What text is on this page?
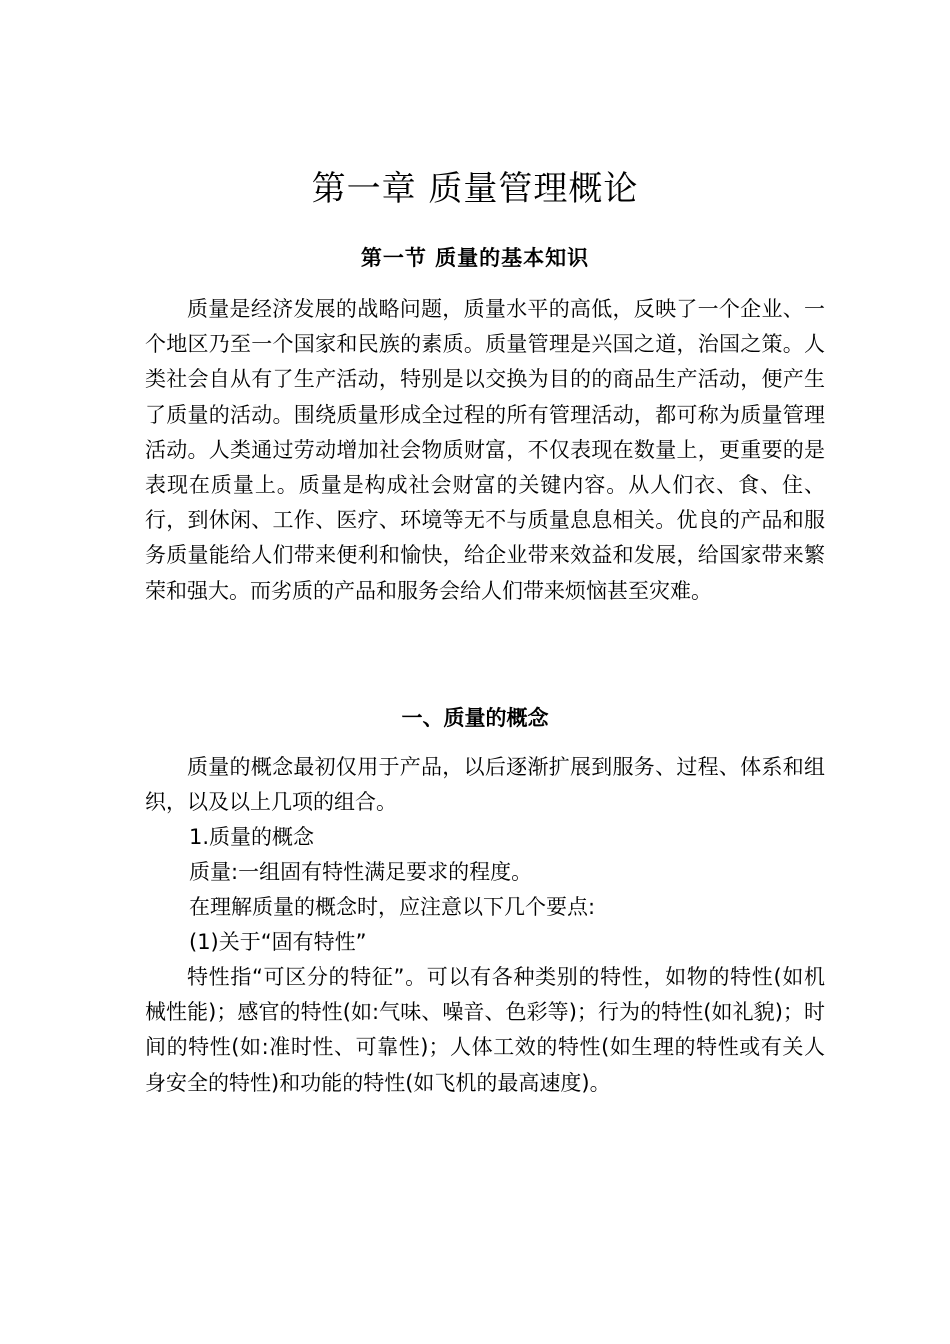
第一章 质量管理概论
第一节 质量的基本知识

质量是经济发展的战略问题，质量水平的高低，反映了一个企业、一个地区乃至一个国家和民族的素质。质量管理是兴国之道，治国之策。人类社会自从有了生产活动，特别是以交换为目的的商品生产活动，便产生了质量的活动。围绕质量形成全过程的所有管理活动，都可称为质量管理活动。人类通过劳动增加社会物质财富，不仅表现在数量上，更重要的是表现在质量上。质量是构成社会财富的关键内容。从人们衣、食、住、行，到休闲、工作、医疗、环境等无不与质量息息相关。优良的产品和服务质量能给人们带来便利和愉快，给企业带来效益和发展，给国家带来繁荣和强大。而劣质的产品和服务会给人们带来烦恼甚至灾难。

一、质量的概念

质量的概念最初仅用于产品，以后逐渐扩展到服务、过程、体系和组织，以及以上几项的组合。

1.质量的概念

质量:一组固有特性满足要求的程度。

在理解质量的概念时，应注意以下几个要点:

(1)关于“固有特性”

特性指“可区分的特征”。可以有各种类别的特性，如物的特性(如机械性能)；感官的特性(如:气味、噪音、色彩等)；行为的特性(如礼貌)；时间的特性(如:准时性、可靠性)；人体工效的特性(如生理的特性或有关人身安全的特性)和功能的特性(如飞机的最高速度)。
